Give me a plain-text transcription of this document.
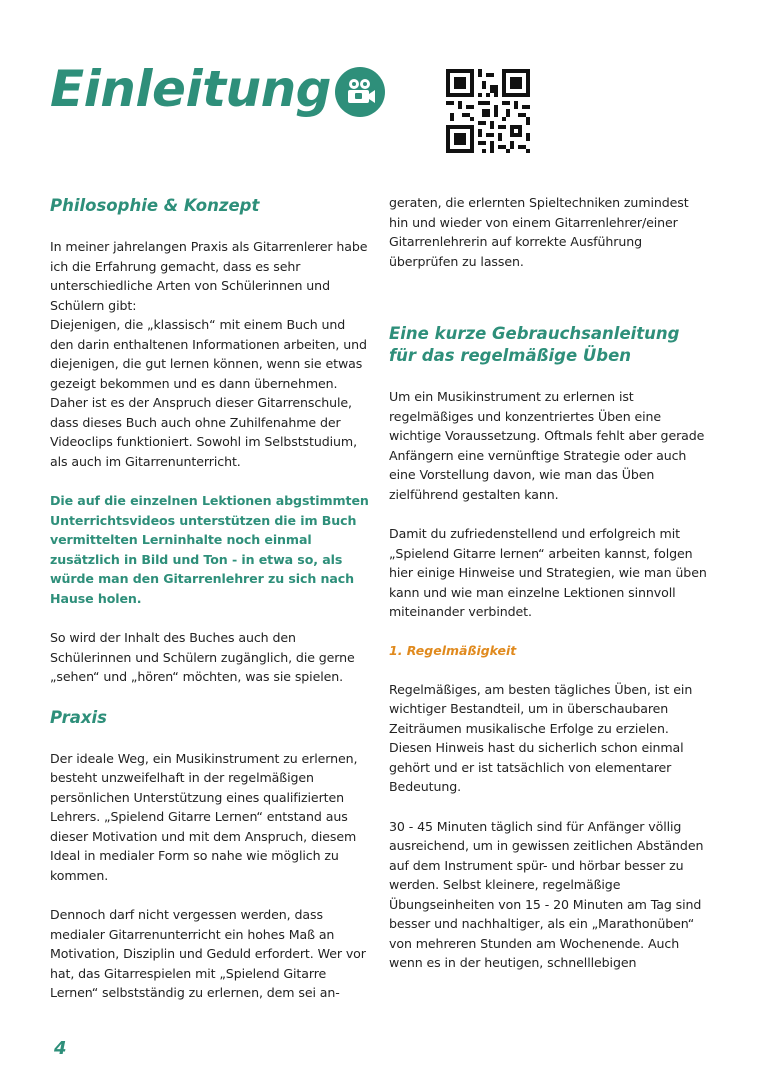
Einleitung
Philosophie & Konzept

In meiner jahrelangen Praxis als Gitarrenlerer habe ich die Erfahrung gemacht, dass es sehr unterschiedliche Arten von Schülerinnen und Schülern gibt:

Diejenigen, die „klassisch“ mit einem Buch und den darin enthaltenen Informationen arbeiten, und diejenigen, die gut lernen können, wenn sie etwas gezeigt bekommen und es dann übernehmen. Daher ist es der Anspruch dieser Gitarrenschule, dass dieses Buch auch ohne Zuhilfenahme der Videoclips funktioniert. Sowohl im Selbststudium, als auch im Gitarrenunterricht.

Die auf die einzelnen Lektionen abgstimmten Unterrichtsvideos unterstützen die im Buch vermittelten Lerninhalte noch einmal zusätzlich in Bild und Ton - in etwa so, als würde man den Gitarrenlehrer zu sich nach Hause holen.

So wird der Inhalt des Buches auch den Schülerinnen und Schülern zugänglich, die gerne „sehen“ und „hören“ möchten, was sie spielen.

Praxis

Der ideale Weg, ein Musikinstrument zu erlernen, besteht unzweifelhaft in der regelmäßigen persönlichen Unterstützung eines qualifizierten Lehrers. „Spielend Gitarre Lernen“ entstand aus dieser Motivation und mit dem Anspruch, diesem Ideal in medialer Form so nahe wie möglich zu kommen.

Dennoch darf nicht vergessen werden, dass medialer Gitarrenunterricht ein hohes Maß an Motivation, Disziplin und Geduld erfordert. Wer vor hat, das Gitarrespielen mit „Spielend Gitarre Lernen“ selbstständig zu erlernen, dem sei an-

geraten, die erlernten Spieltechniken zumindest hin und wieder von einem Gitarrenlehrer/einer Gitarrenlehrerin auf korrekte Ausführung überprüfen zu lassen.

Eine kurze Gebrauchsanleitung
für das regelmäßige Üben

Um ein Musikinstrument zu erlernen ist regelmäßiges und konzentriertes Üben eine wichtige Voraussetzung. Oftmals fehlt aber gerade Anfängern eine vernünftige Strategie oder auch eine Vorstellung davon, wie man das Üben zielführend gestalten kann.

Damit du zufriedenstellend und erfolgreich mit „Spielend Gitarre lernen“ arbeiten kannst, folgen hier einige Hinweise und Strategien, wie man üben kann und wie man einzelne Lektionen sinnvoll miteinander verbindet.

1. Regelmäßigkeit

Regelmäßiges, am besten tägliches Üben, ist ein wichtiger Bestandteil, um in überschaubaren Zeiträumen musikalische Erfolge zu erzielen. Diesen Hinweis hast du sicherlich schon einmal gehört und er ist tatsächlich von elementarer Bedeutung.

30 - 45 Minuten täglich sind für Anfänger völlig ausreichend, um in gewissen zeitlichen Abständen auf dem Instrument spür- und hörbar besser zu werden. Selbst kleinere, regelmäßige Übungseinheiten von 15 - 20 Minuten am Tag sind besser und nachhaltiger, als ein „Marathonüben“ von mehreren Stunden am Wochenende. Auch wenn es in der heutigen, schnelllebigen

4
